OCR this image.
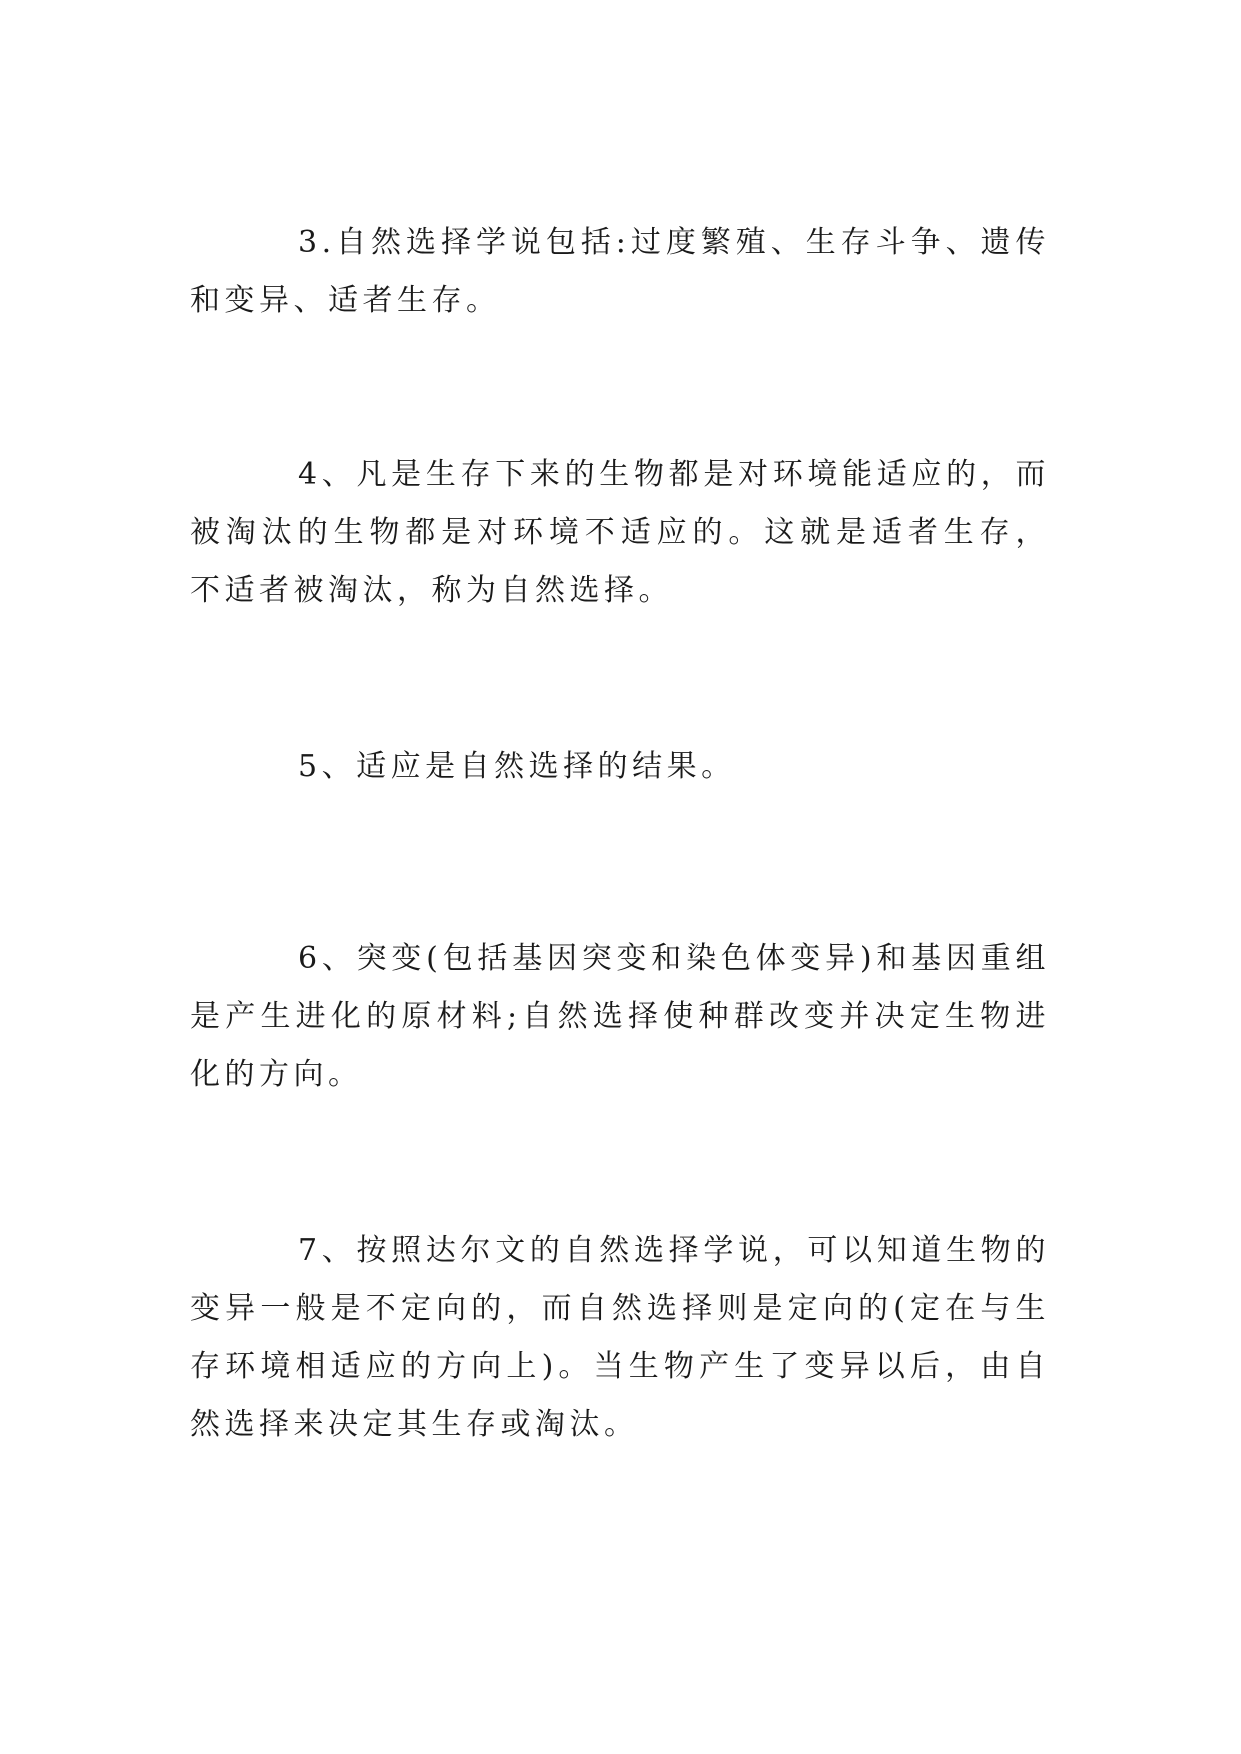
3.自然选择学说包括:过度繁殖、生存斗争、遗传和变异、适者生存。

4、凡是生存下来的生物都是对环境能适应的，而被淘汰的生物都是对环境不适应的。这就是适者生存，不适者被淘汰，称为自然选择。

5、适应是自然选择的结果。

6、突变(包括基因突变和染色体变异)和基因重组是产生进化的原材料;自然选择使种群改变并决定生物进化的方向。

7、按照达尔文的自然选择学说，可以知道生物的变异一般是不定向的，而自然选择则是定向的(定在与生存环境相适应的方向上)。当生物产生了变异以后，由自然选择来决定其生存或淘汰。
